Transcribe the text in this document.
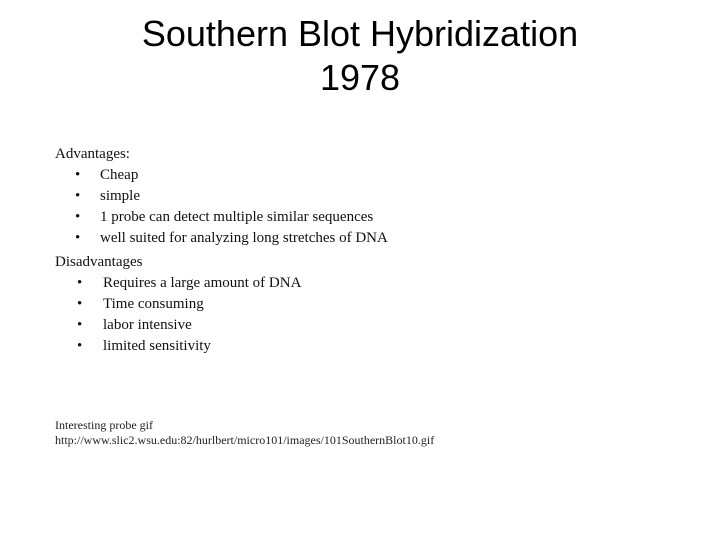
Southern Blot Hybridization
1978

Advantages:

• Cheap
• simple
• 1 probe can detect multiple similar sequences
• well suited for analyzing long stretches of DNA

Disadvantages

• Requires a large amount of DNA
• Time consuming
• labor intensive
• limited sensitivity
Interesting probe gif
http://www.slic2.wsu.edu:82/hurlbert/micro101/images/101SouthernBlot10.gif
